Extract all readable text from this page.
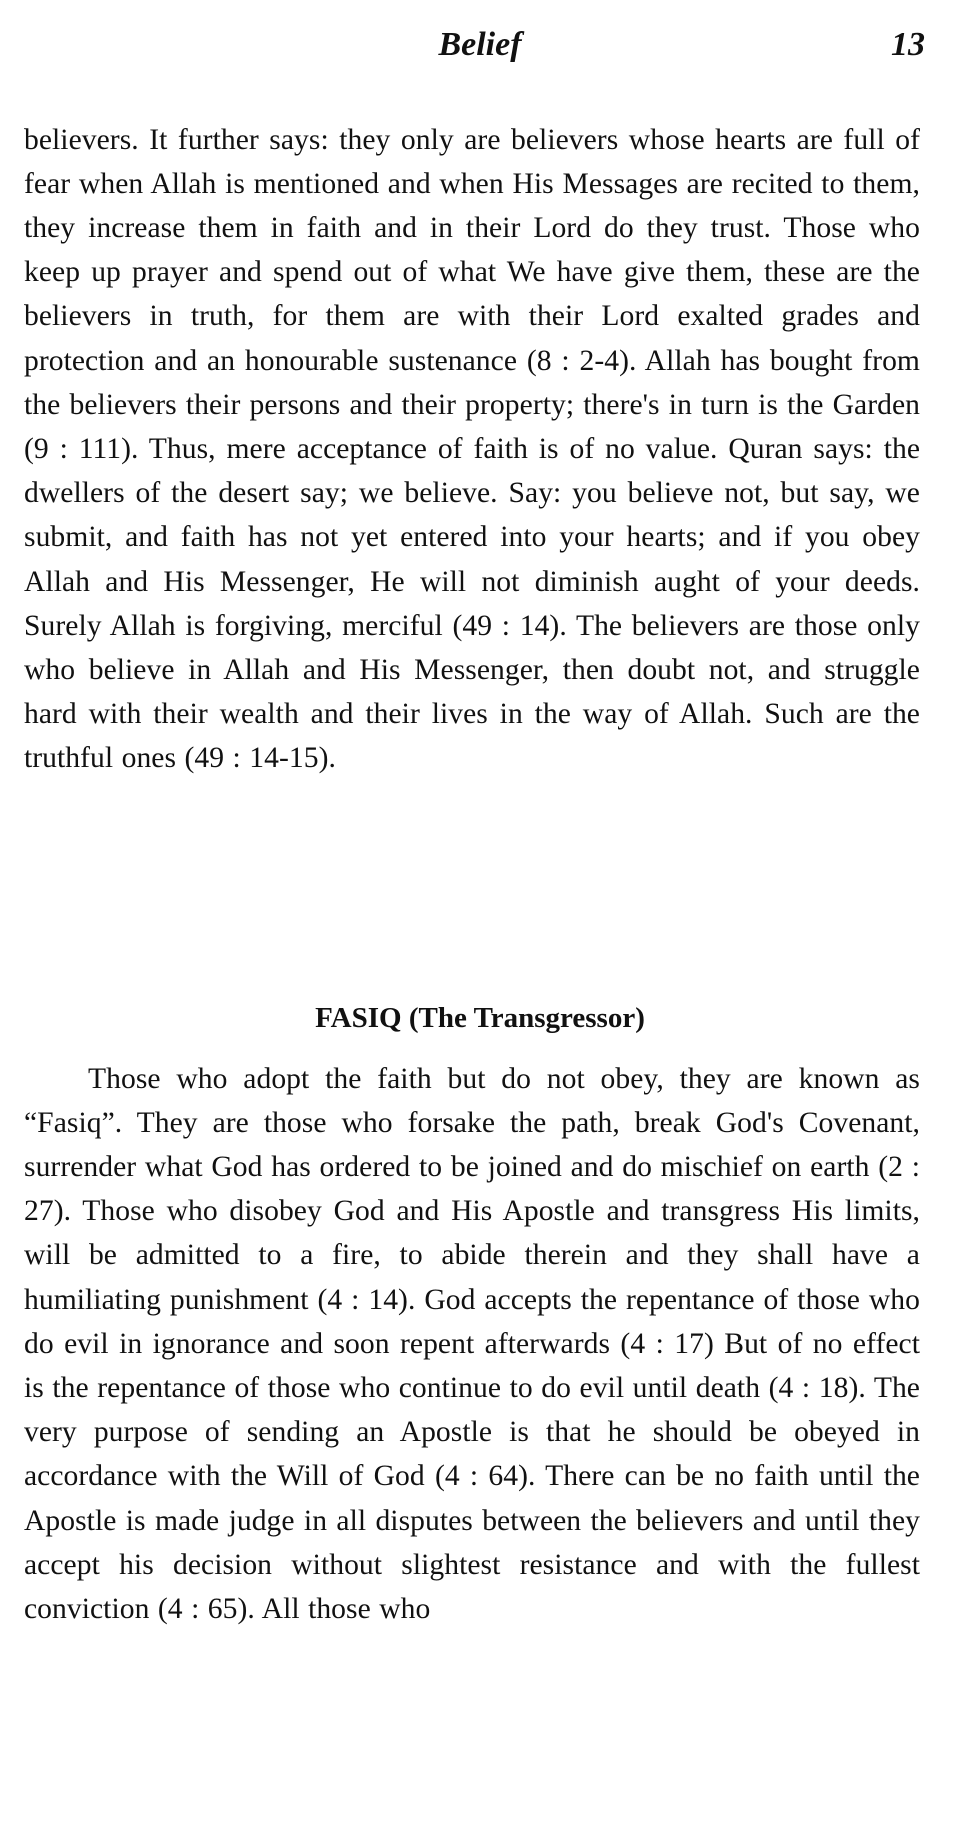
Belief	13

believers. It further says: they only are believers whose hearts are full of fear when Allah is mentioned and when His Messages are recited to them, they increase them in faith and in their Lord do they trust. Those who keep up prayer and spend out of what We have give them, these are the believers in truth, for them are with their Lord exalted grades and protection and an honourable sustenance (8 : 2-4). Allah has bought from the believers their persons and their property; there's in turn is the Garden (9 : 111). Thus, mere acceptance of faith is of no value. Quran says: the dwellers of the desert say; we believe. Say: you believe not, but say, we submit, and faith has not yet entered into your hearts; and if you obey Allah and His Messenger, He will not diminish aught of your deeds. Surely Allah is forgiving, merciful (49 : 14). The believers are those only who believe in Allah and His Messenger, then doubt not, and struggle hard with their wealth and their lives in the way of Allah. Such are the truthful ones (49 : 14-15).

FASIQ (The Transgressor)

Those who adopt the faith but do not obey, they are known as “Fasiq”. They are those who forsake the path, break God's Covenant, surrender what God has ordered to be joined and do mischief on earth (2 : 27). Those who disobey God and His Apostle and transgress His limits, will be admitted to a fire, to abide therein and they shall have a humiliating punishment (4 : 14). God accepts the repentance of those who do evil in ignorance and soon repent afterwards (4 : 17) But of no effect is the repentance of those who continue to do evil until death (4 : 18). The very purpose of sending an Apostle is that he should be obeyed in accordance with the Will of God (4 : 64). There can be no faith until the Apostle is made judge in all disputes between the believers and until they accept his decision without slightest resistance and with the fullest conviction (4 : 65). All those who
